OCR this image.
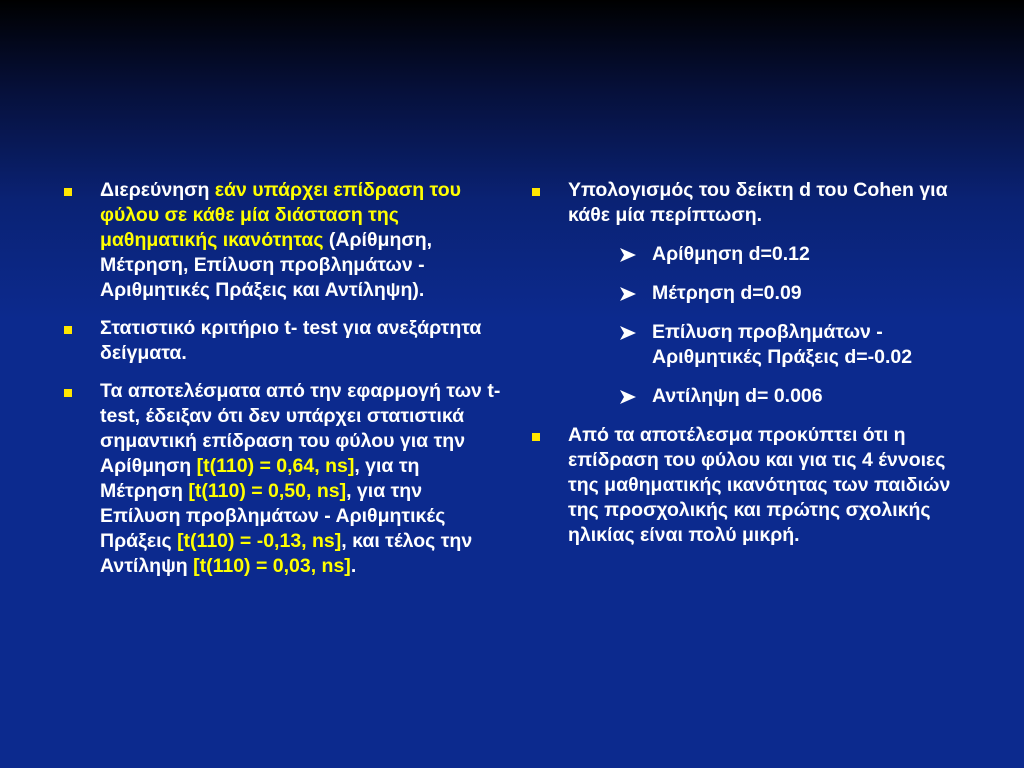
Διερεύνηση εάν υπάρχει επίδραση του φύλου σε κάθε μία διάσταση της μαθηματικής ικανότητας (Αρίθμηση, Μέτρηση, Επίλυση προβλημάτων - Αριθμητικές Πράξεις και Αντίληψη).
Στατιστικό κριτήριο t- test για ανεξάρτητα δείγματα.
Τα αποτελέσματα από την εφαρμογή των t-test, έδειξαν ότι δεν υπάρχει στατιστικά σημαντική επίδραση του φύλου για την Αρίθμηση [t(110) = 0,64, ns], για τη Μέτρηση [t(110) = 0,50, ns], για την Επίλυση προβλημάτων - Αριθμητικές Πράξεις [t(110) = -0,13, ns], και τέλος την Αντίληψη [t(110) = 0,03, ns].
Υπολογισμός του δείκτη d του Cohen για κάθε μία περίπτωση.
Αρίθμηση d=0.12
Μέτρηση d=0.09
Επίλυση προβλημάτων - Αριθμητικές Πράξεις d=-0.02
Αντίληψη d= 0.006
Από τα αποτέλεσμα προκύπτει ότι η επίδραση του φύλου και για τις 4 έννοιες της μαθηματικής ικανότητας των παιδιών της προσχολικής και πρώτης σχολικής ηλικίας είναι πολύ μικρή.
